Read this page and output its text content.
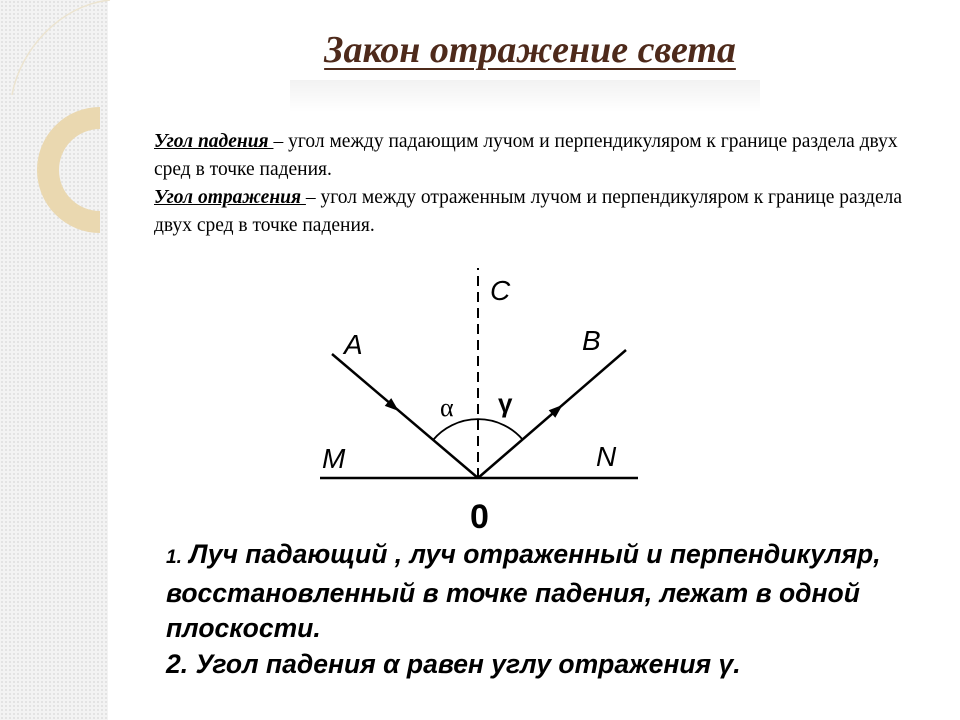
Закон отражение света

Угол падения – угол между падающим лучом и перпендикуляром к границе раздела двух сред в точке падения.

Угол отражения – угол между отраженным лучом и перпендикуляром к границе раздела двух сред в точке падения.

A	B
C
M	N
α γ
0

1. Луч падающий , луч отраженный и перпендикуляр, восстановленный в точке падения, лежат в одной плоскости.

2. Угол падения α равен углу отражения γ.
